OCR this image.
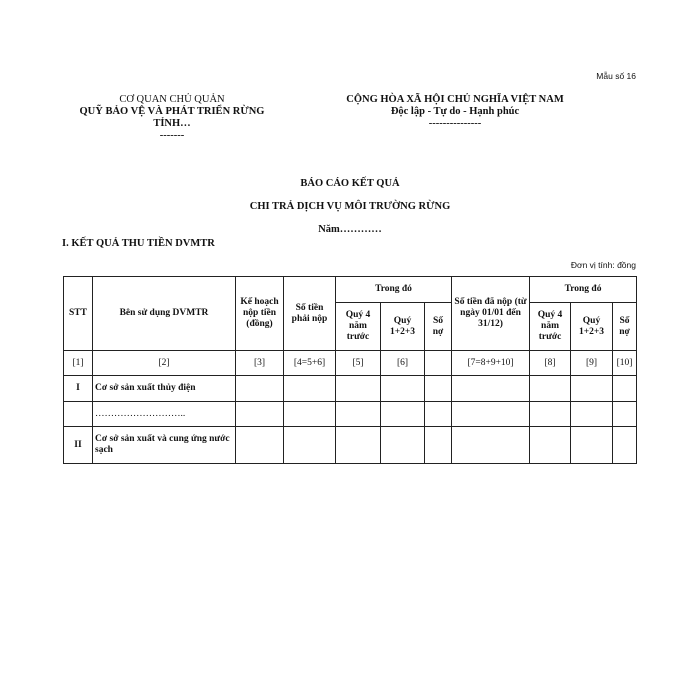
Mẫu số 16
CƠ QUAN CHỦ QUẢN
QUỸ BẢO VỆ VÀ PHÁT TRIỂN RỪNG
TỈNH…
-------
CỘNG HÒA XÃ HỘI CHỦ NGHĨA VIỆT NAM
Độc lập - Tự do - Hạnh phúc
---------------
BÁO CÁO KẾT QUẢ
CHI TRẢ DỊCH VỤ MÔI TRƯỜNG RỪNG
Năm…………
I. KẾT QUẢ THU TIỀN DVMTR
Đơn vị tính: đồng
STT	Bên sử dụng DVMTR	Kế hoạch nộp tiền (đồng)	Số tiền phải nộp	Trong đó			Số tiền đã nộp (từ ngày 01/01 đến 31/12)	Trong đó		
				Quý 4 năm trước	Quý 1+2+3	Số nợ		Quý 4 năm trước	Quý 1+2+3	Số nợ
[1]	[2]	[3]	[4=5+6]	[5]	[6]		[7=8+9+10]	[8]	[9]	[10]
I	Cơ sở sản xuất thủy điện									
	………………………..									
II	Cơ sở sản xuất và cung ứng nước sạch									
